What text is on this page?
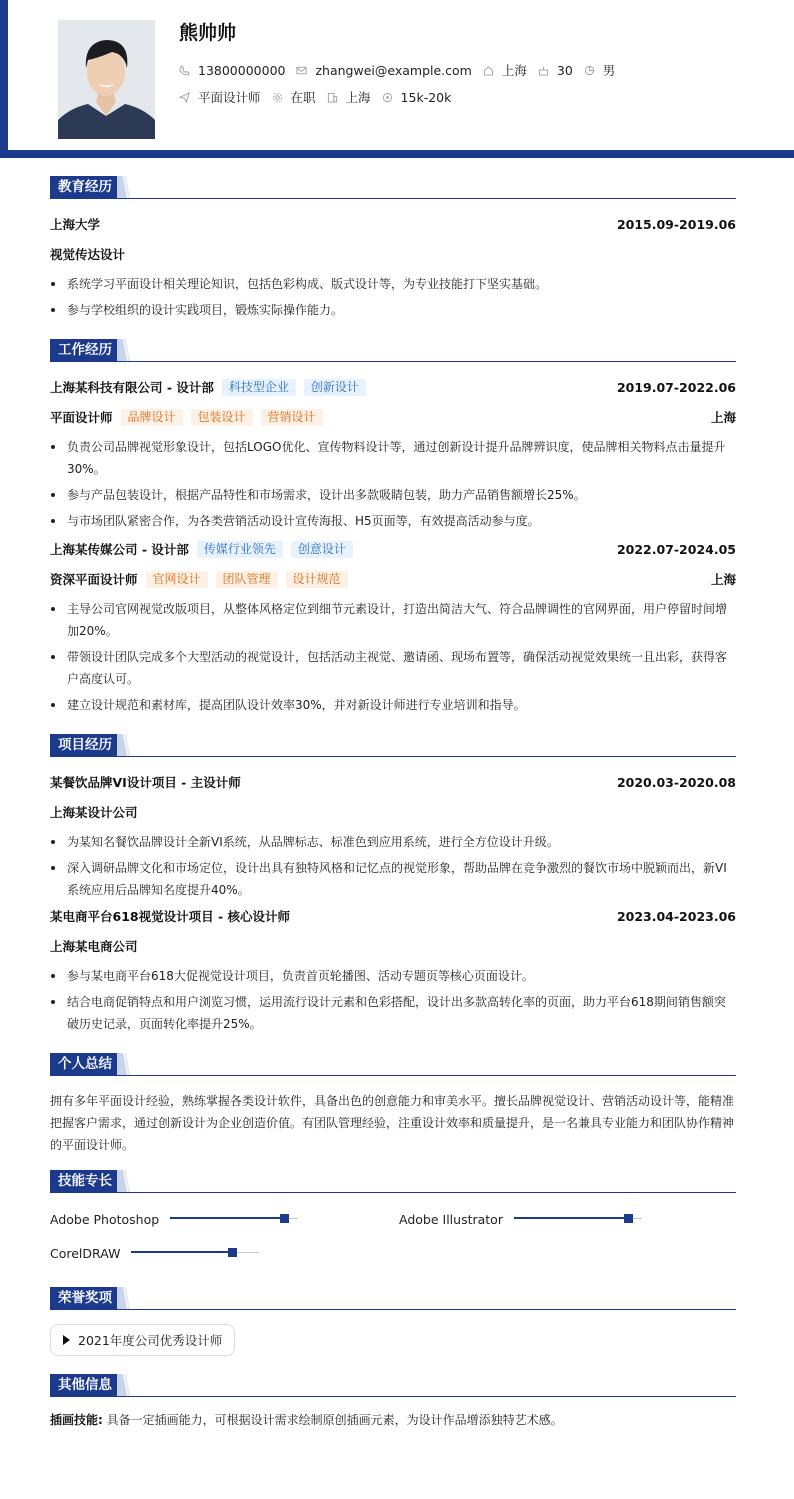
熊帅帅
13800000000 zhangwei@example.com 上海 30 男
平面设计师 在职 上海 15k-20k
教育经历
上海大学	2015.09-2019.06
视觉传达设计
系统学习平面设计相关理论知识，包括色彩构成、版式设计等，为专业技能打下坚实基础。
参与学校组织的设计实践项目，锻炼实际操作能力。
工作经历
上海某科技有限公司 - 设计部	科技型企业	创新设计	2019.07-2022.06
平面设计师	品牌设计	包装设计	营销设计	上海
负责公司品牌视觉形象设计，包括LOGO优化、宣传物料设计等，通过创新设计提升品牌辨识度，使品牌相关物料点击量提升30%。
参与产品包装设计，根据产品特性和市场需求，设计出多款吸睛包装，助力产品销售额增长25%。
与市场团队紧密合作，为各类营销活动设计宣传海报、H5页面等，有效提高活动参与度。
上海某传媒公司 - 设计部	传媒行业领先	创意设计	2022.07-2024.05
资深平面设计师	官网设计	团队管理	设计规范	上海
主导公司官网视觉改版项目，从整体风格定位到细节元素设计，打造出简洁大气、符合品牌调性的官网界面，用户停留时间增加20%。
带领设计团队完成多个大型活动的视觉设计，包括活动主视觉、邀请函、现场布置等，确保活动视觉效果统一且出彩，获得客户高度认可。
建立设计规范和素材库，提高团队设计效率30%，并对新设计师进行专业培训和指导。
项目经历
某餐饮品牌VI设计项目 - 主设计师	2020.03-2020.08
上海某设计公司
为某知名餐饮品牌设计全新VI系统，从品牌标志、标准色到应用系统，进行全方位设计升级。
深入调研品牌文化和市场定位，设计出具有独特风格和记忆点的视觉形象，帮助品牌在竞争激烈的餐饮市场中脱颖而出，新VI系统应用后品牌知名度提升40%。
某电商平台618视觉设计项目 - 核心设计师	2023.04-2023.06
上海某电商公司
参与某电商平台618大促视觉设计项目，负责首页轮播图、活动专题页等核心页面设计。
结合电商促销特点和用户浏览习惯，运用流行设计元素和色彩搭配，设计出多款高转化率的页面，助力平台618期间销售额突破历史记录，页面转化率提升25%。
个人总结
拥有多年平面设计经验，熟练掌握各类设计软件，具备出色的创意能力和审美水平。擅长品牌视觉设计、营销活动设计等，能精准把握客户需求，通过创新设计为企业创造价值。有团队管理经验，注重设计效率和质量提升，是一名兼具专业能力和团队协作精神的平面设计师。
技能专长
Adobe Photoshop	Adobe Illustrator
CorelDRAW
荣誉奖项
2021年度公司优秀设计师
其他信息
插画技能: 具备一定插画能力，可根据设计需求绘制原创插画元素，为设计作品增添独特艺术感。
